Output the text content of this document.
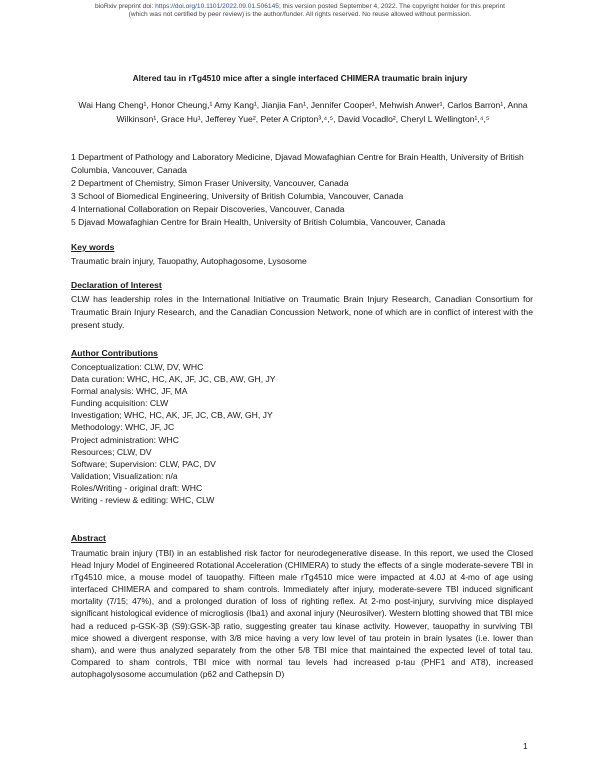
bioRxiv preprint doi: https://doi.org/10.1101/2022.09.01.506145; this version posted September 4, 2022. The copyright holder for this preprint
(which was not certified by peer review) is the author/funder. All rights reserved. No reuse allowed without permission.
Altered tau in rTg4510 mice after a single interfaced CHIMERA traumatic brain injury
Wai Hang Cheng¹, Honor Cheung,¹ Amy Kang¹, Jianjia Fan¹, Jennifer Cooper¹, Mehwish Anwer¹, Carlos Barron¹, Anna Wilkinson¹, Grace Hu¹, Jefferey Yue², Peter A Cripton³,⁴,⁵, David Vocadlo², Cheryl L Wellington¹,⁴,⁵
1 Department of Pathology and Laboratory Medicine, Djavad Mowafaghian Centre for Brain Health, University of British Columbia, Vancouver, Canada
2 Department of Chemistry, Simon Fraser University, Vancouver, Canada
3 School of Biomedical Engineering, University of British Columbia, Vancouver, Canada
4 International Collaboration on Repair Discoveries, Vancouver, Canada
5 Djavad Mowafaghian Centre for Brain Health, University of British Columbia, Vancouver, Canada
Key words
Traumatic brain injury, Tauopathy, Autophagosome, Lysosome
Declaration of Interest
CLW has leadership roles in the International Initiative on Traumatic Brain Injury Research, Canadian Consortium for Traumatic Brain Injury Research, and the Canadian Concussion Network, none of which are in conflict of interest with the present study.
Author Contributions
Conceptualization: CLW, DV, WHC
Data curation: WHC, HC, AK, JF, JC, CB, AW, GH, JY
Formal analysis: WHC, JF, MA
Funding acquisition: CLW
Investigation; WHC, HC, AK, JF, JC, CB, AW, GH, JY
Methodology: WHC, JF, JC
Project administration: WHC
Resources; CLW, DV
Software; Supervision: CLW, PAC, DV
Validation; Visualization: n/a
Roles/Writing - original draft: WHC
Writing - review & editing: WHC, CLW
Abstract
Traumatic brain injury (TBI) in an established risk factor for neurodegenerative disease. In this report, we used the Closed Head Injury Model of Engineered Rotational Acceleration (CHIMERA) to study the effects of a single moderate-severe TBI in rTg4510 mice, a mouse model of tauopathy. Fifteen male rTg4510 mice were impacted at 4.0J at 4-mo of age using interfaced CHIMERA and compared to sham controls. Immediately after injury, moderate-severe TBI induced significant mortality (7/15; 47%), and a prolonged duration of loss of righting reflex. At 2-mo post-injury, surviving mice displayed significant histological evidence of microgliosis (Iba1) and axonal injury (Neurosilver). Western blotting showed that TBI mice had a reduced p-GSK-3β (S9):GSK-3β ratio, suggesting greater tau kinase activity. However, tauopathy in surviving TBI mice showed a divergent response, with 3/8 mice having a very low level of tau protein in brain lysates (i.e. lower than sham), and were thus analyzed separately from the other 5/8 TBI mice that maintained the expected level of total tau. Compared to sham controls, TBI mice with normal tau levels had increased p-tau (PHF1 and AT8), increased autophagolysosome accumulation (p62 and Cathepsin D)
1
